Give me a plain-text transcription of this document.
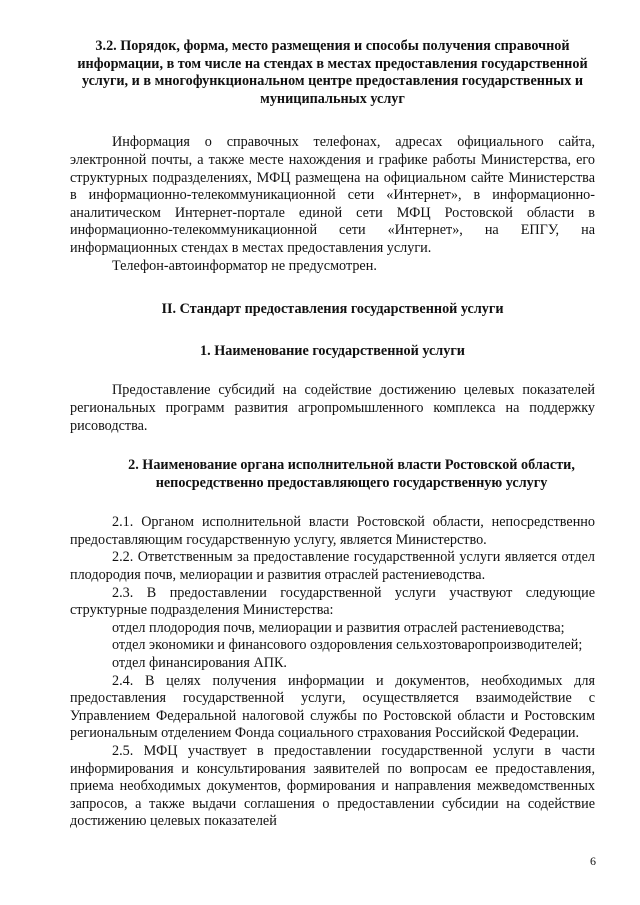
3.2. Порядок, форма, место размещения и способы получения справочной информации, в том числе на стендах в местах предоставления государственной услуги, и в многофункциональном центре предоставления государственных и муниципальных услуг

Информация о справочных телефонах, адресах официального сайта, электронной почты, а также месте нахождения и графике работы Министерства, его структурных подразделениях, МФЦ размещена на официальном сайте Министерства в информационно-телекоммуникационной сети «Интернет», в информационно-аналитическом Интернет-портале единой сети МФЦ Ростовской области в информационно-телекоммуникационной сети «Интернет», на ЕПГУ, на информационных стендах в местах предоставления услуги.

Телефон-автоинформатор не предусмотрен.

II. Стандарт предоставления государственной услуги
1. Наименование государственной услуги

Предоставление субсидий на содействие достижению целевых показателей региональных программ развития агропромышленного комплекса на поддержку рисоводства.

2. Наименование органа исполнительной власти Ростовской области, непосредственно предоставляющего государственную услугу

2.1. Органом исполнительной власти Ростовской области, непосредственно предоставляющим государственную услугу, является Министерство.

2.2. Ответственным за предоставление государственной услуги является отдел плодородия почв, мелиорации и развития отраслей растениеводства.

2.3. В предоставлении государственной услуги участвуют следующие структурные подразделения Министерства:

отдел плодородия почв, мелиорации и развития отраслей растениеводства;

отдел экономики и финансового оздоровления сельхозтоваропроизводителей;

отдел финансирования АПК.

2.4. В целях получения информации и документов, необходимых для предоставления государственной услуги, осуществляется взаимодействие с Управлением Федеральной налоговой службы по Ростовской области и Ростовским региональным отделением Фонда социального страхования Российской Федерации.

2.5. МФЦ участвует в предоставлении государственной услуги в части информирования и консультирования заявителей по вопросам ее предоставления, приема необходимых документов, формирования и направления межведомственных запросов, а также выдачи соглашения о предоставлении субсидии на содействие достижению целевых показателей

6
